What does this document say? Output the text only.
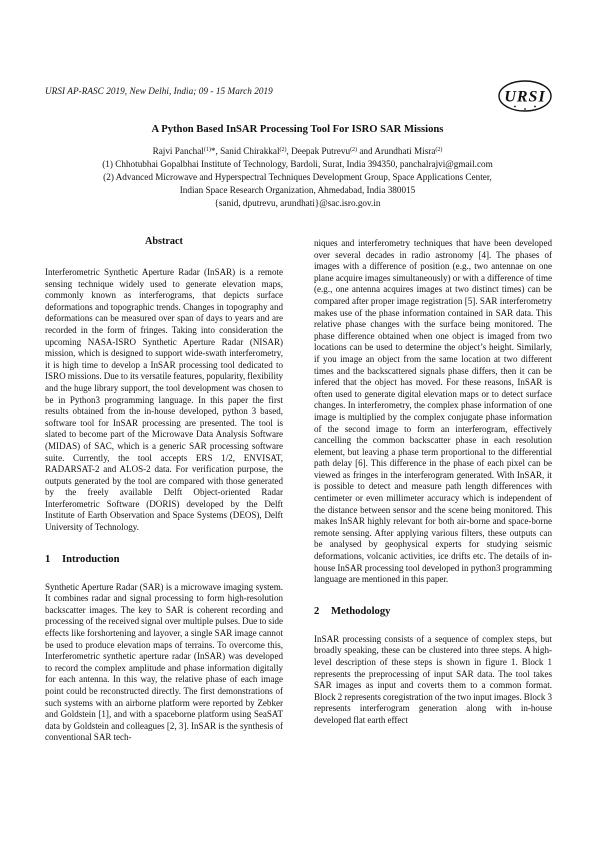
URSI AP-RASC 2019, New Delhi, India; 09 - 15 March 2019	URSI
A Python Based InSAR Processing Tool For ISRO SAR Missions
Rajvi Panchal$^{(1)}$*, Sanid Chirakkal$^{(2)}$, Deepak Putrevu$^{(2)}$ and Arundhati Misra$^{(2)}$
(1) Chhotubhai Gopalbhai Institute of Technology, Bardoli, Surat, India 394350, panchalrajvi@gmail.com
(2) Advanced Microwave and Hyperspectral Techniques Development Group, Space Applications Center,
Indian Space Research Organization, Ahmedabad, India 380015
{sanid, dputrevu, arundhati}@sac.isro.gov.in
Abstract

Interferometric Synthetic Aperture Radar (InSAR) is a remote sensing technique widely used to generate elevation maps, commonly known as interferograms, that depicts surface deformations and topographic trends. Changes in topography and deformations can be measured over span of days to years and are recorded in the form of fringes. Taking into consideration the upcoming NASA-ISRO Synthetic Aperture Radar (NISAR) mission, which is designed to support wide-swath interferometry, it is high time to develop a InSAR processing tool dedicated to ISRO missions. Due to its versatile features, popularity, flexibility and the huge library support, the tool development was chosen to be in Python3 programming language. In this paper the first results obtained from the in-house developed, python 3 based, software tool for InSAR processing are presented. The tool is slated to become part of the Microwave Data Analysis Software (MIDAS) of SAC, which is a generic SAR processing software suite. Currently, the tool accepts ERS 1/2, ENVISAT, RADARSAT-2 and ALOS-2 data. For verification purpose, the outputs generated by the tool are compared with those generated by the freely available Delft Object-oriented Radar Interferometric Software (DORIS) developed by the Delft Institute of Earth Observation and Space Systems (DEOS), Delft University of Technology.

1 Introduction

Synthetic Aperture Radar (SAR) is a microwave imaging system. It combines radar and signal processing to form high-resolution backscatter images. The key to SAR is coherent recording and processing of the received signal over multiple pulses. Due to side effects like forshortening and layover, a single SAR image cannot be used to produce elevation maps of terrains. To overcome this, Interferometric synthetic aperture radar (InSAR) was developed to record the complex amplitude and phase information digitally for each antenna. In this way, the relative phase of each image point could be reconstructed directly. The first demonstrations of such systems with an airborne platform were reported by Zebker and Goldstein [1], and with a spaceborne platform using SeaSAT data by Goldstein and colleagues [2, 3]. InSAR is the synthesis of conventional SAR tech-

niques and interferometry techniques that have been developed over several decades in radio astronomy [4]. The phases of images with a difference of position (e.g., two antennae on one plane acquire images simultaneously) or with a difference of time (e.g., one antenna acquires images at two distinct times) can be compared after proper image registration [5]. SAR interferometry makes use of the phase information contained in SAR data. This relative phase changes with the surface being monitored. The phase difference obtained when one object is imaged from two locations can be used to determine the object’s height. Similarly, if you image an object from the same location at two different times and the backscattered signals phase differs, then it can be infered that the object has moved. For these reasons, InSAR is often used to generate digital elevation maps or to detect surface changes. In interferometry, the complex phase information of one image is multiplied by the complex conjugate phase information of the second image to form an interferogram, effectively cancelling the common backscatter phase in each resolution element, but leaving a phase term proportional to the differential path delay [6]. This difference in the phase of each pixel can be viewed as fringes in the interferogram generated. With InSAR, it is possible to detect and measure path length differences with centimeter or even millimeter accuracy which is independent of the distance between sensor and the scene being monitored. This makes InSAR highly relevant for both air-borne and space-borne remote sensing. After applying various filters, these outputs can be analysed by geophysical experts for studying seismic deformations, volcanic activities, ice drifts etc. The details of in-house InSAR processing tool developed in python3 programming language are mentioned in this paper.

2 Methodology

InSAR processing consists of a sequence of complex steps, but broadly speaking, these can be clustered into three steps. A high-level description of these steps is shown in figure 1. Block 1 represents the preprocessing of input SAR data. The tool takes SAR images as input and coverts them to a common format. Block 2 represents coregistration of the two input images. Block 3 represents interferogram generation along with in-house developed flat earth effect
